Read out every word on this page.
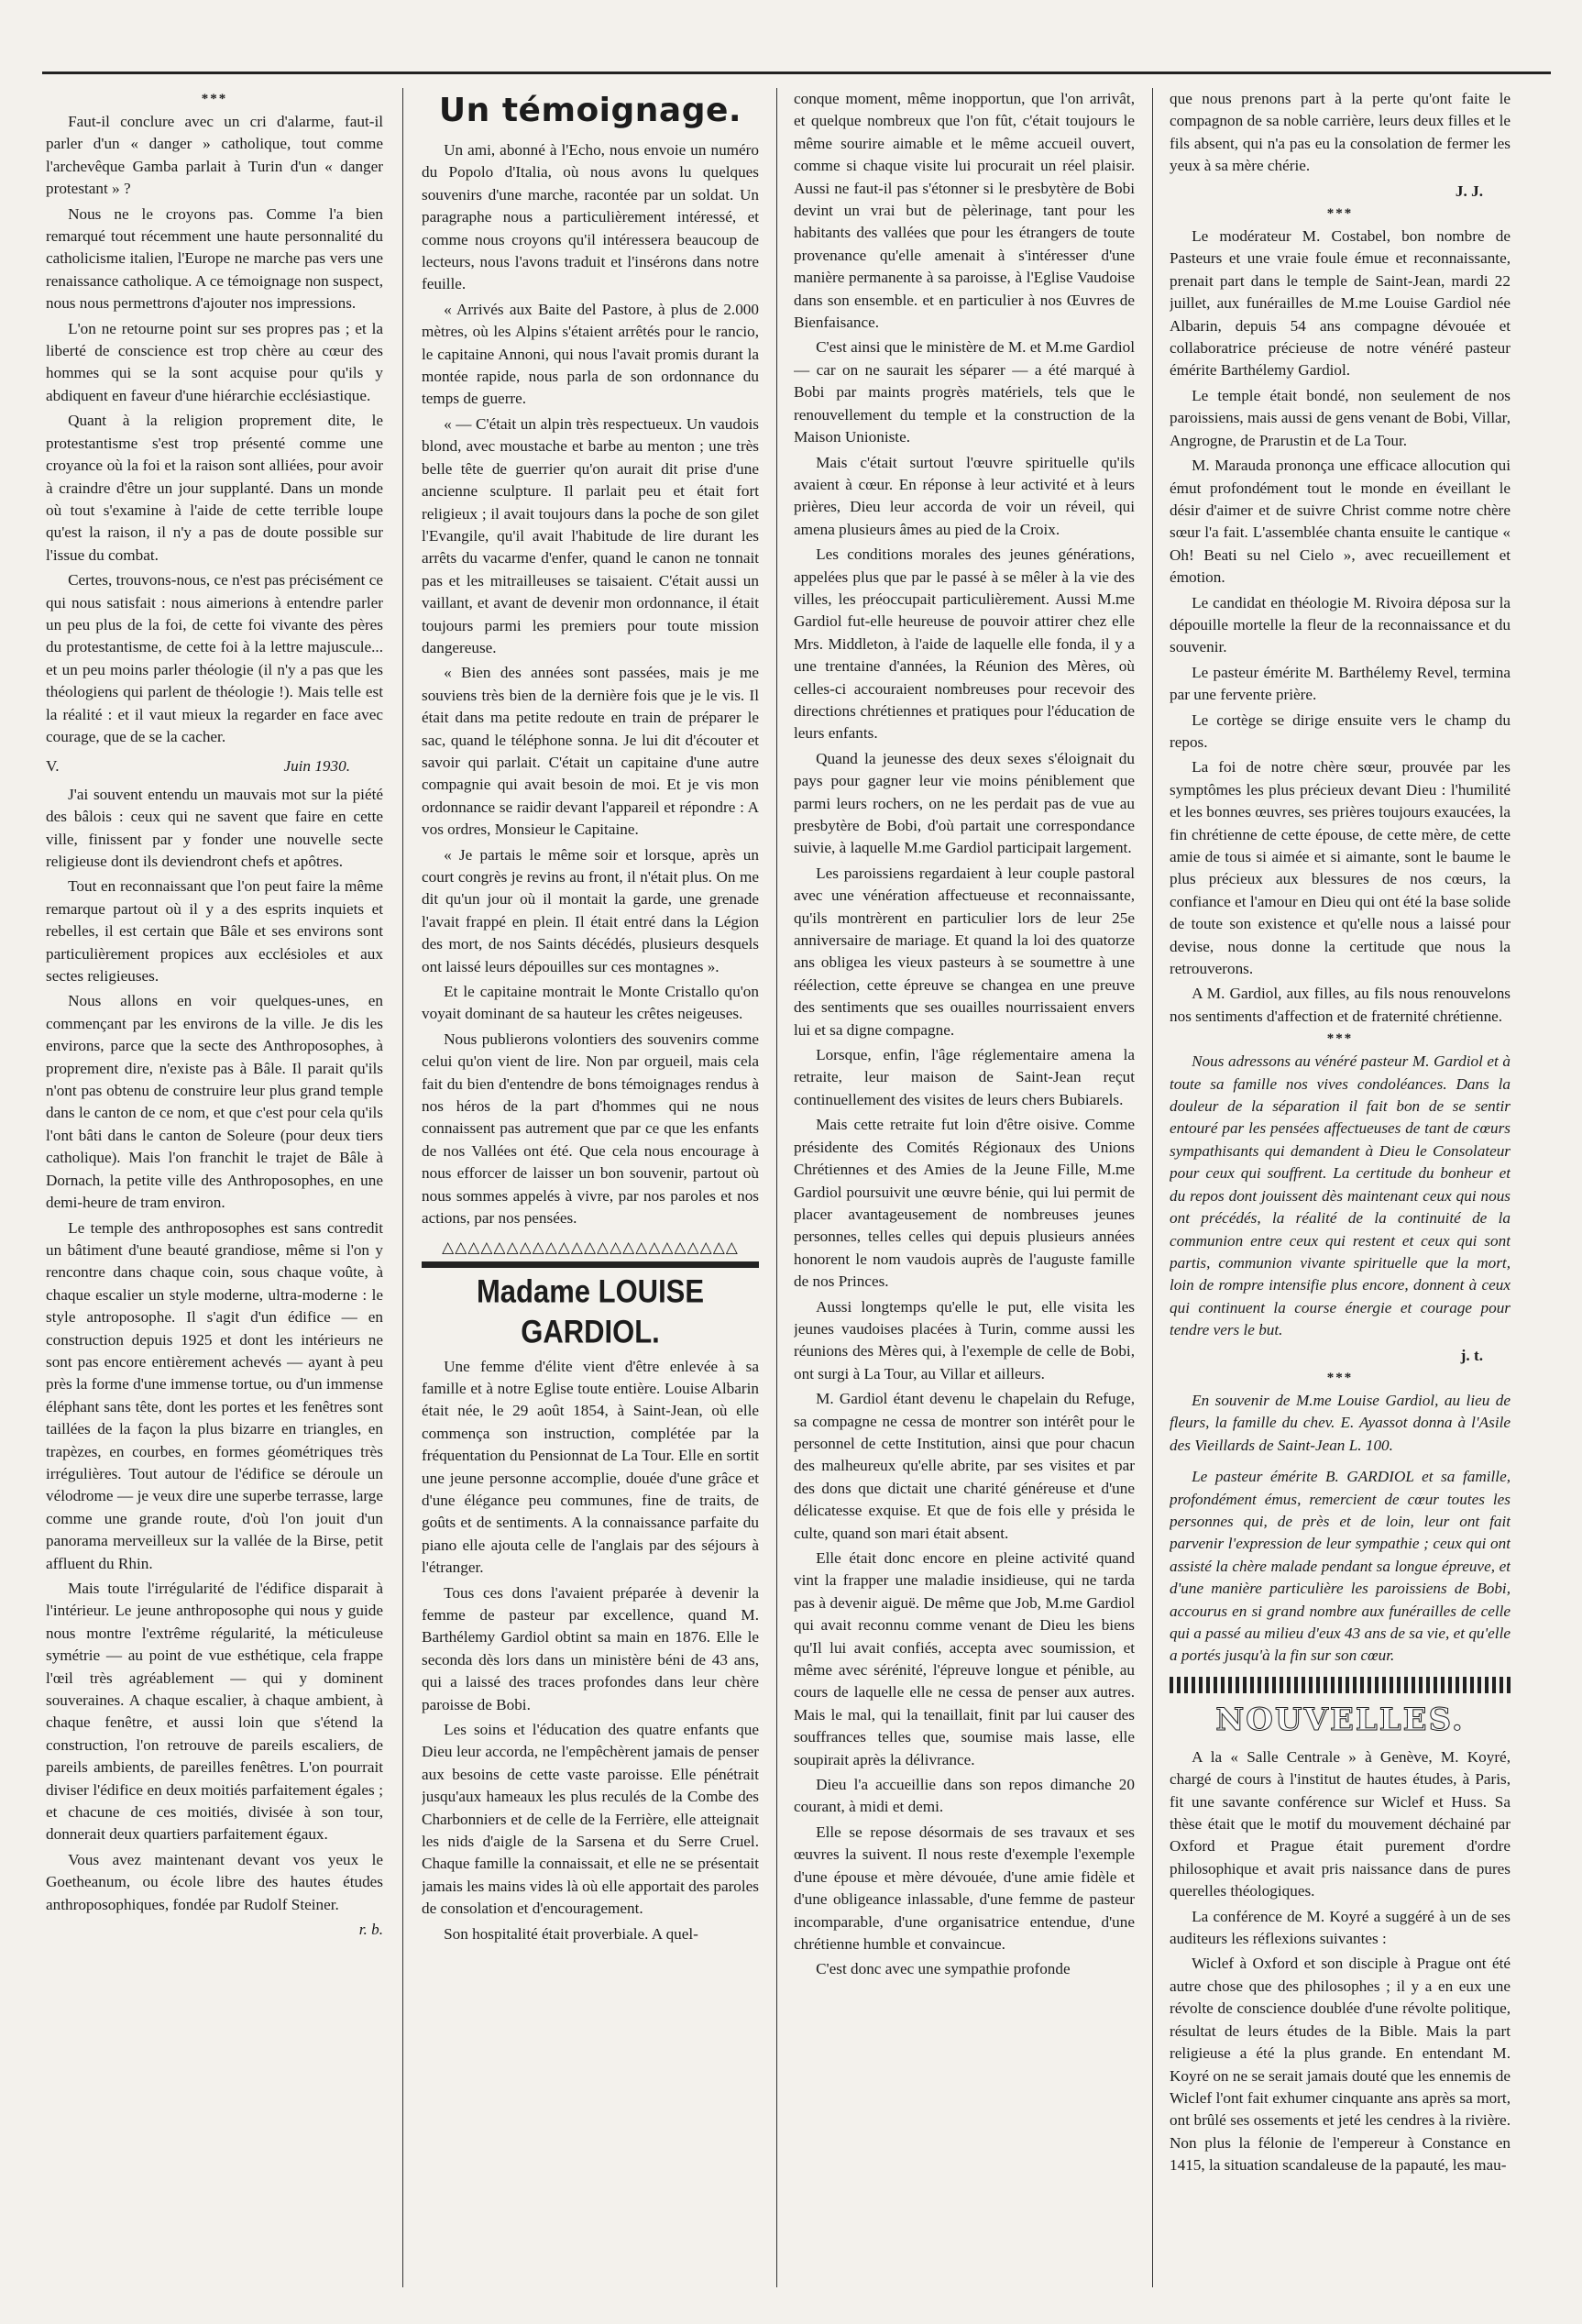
***

Faut-il conclure avec un cri d'alarme, faut-il parler d'un « danger » catholique, tout comme l'archevêque Gamba parlait à Turin d'un « danger protestant » ?

Nous ne le croyons pas. Comme l'a bien remarqué tout récemment une haute personnalité du catholicisme italien, l'Europe ne marche pas vers une renaissance catholique. A ce témoignage non suspect, nous nous permettrons d'ajouter nos impressions.

L'on ne retourne point sur ses propres pas ; et la liberté de conscience est trop chère au cœur des hommes qui se la sont acquise pour qu'ils y abdiquent en faveur d'une hiérarchie ecclésiastique.

Quant à la religion proprement dite, le protestantisme s'est trop présenté comme une croyance où la foi et la raison sont alliées, pour avoir à craindre d'être un jour supplanté. Dans un monde où tout s'examine à l'aide de cette terrible loupe qu'est la raison, il n'y a pas de doute possible sur l'issue du combat.

Certes, trouvons-nous, ce n'est pas précisément ce qui nous satisfait : nous aimerions à entendre parler un peu plus de la foi, de cette foi vivante des pères du protestantisme, de cette foi à la lettre majuscule... et un peu moins parler théologie (il n'y a pas que les théologiens qui parlent de théologie !). Mais telle est la réalité : et il vaut mieux la regarder en face avec courage, que de se la cacher.

V.	Juin 1930.

J'ai souvent entendu un mauvais mot sur la piété des bâlois : ceux qui ne savent que faire en cette ville, finissent par y fonder une nouvelle secte religieuse dont ils deviendront chefs et apôtres.

Tout en reconnaissant que l'on peut faire la même remarque partout où il y a des esprits inquiets et rebelles, il est certain que Bâle et ses environs sont particulièrement propices aux ecclésioles et aux sectes religieuses.

Nous allons en voir quelques-unes, en commençant par les environs de la ville. Je dis les environs, parce que la secte des Anthroposophes, à proprement dire, n'existe pas à Bâle. Il parait qu'ils n'ont pas obtenu de construire leur plus grand temple dans le canton de ce nom, et que c'est pour cela qu'ils l'ont bâti dans le canton de Soleure (pour deux tiers catholique). Mais l'on franchit le trajet de Bâle à Dornach, la petite ville des Anthroposophes, en une demi-heure de tram environ.

Le temple des anthroposophes est sans contredit un bâtiment d'une beauté grandiose, même si l'on y rencontre dans chaque coin, sous chaque voûte, à chaque escalier un style moderne, ultra-moderne : le style antroposophe. Il s'agit d'un édifice — en construction depuis 1925 et dont les intérieurs ne sont pas encore entièrement achevés — ayant à peu près la forme d'une immense tortue, ou d'un immense éléphant sans tête, dont les portes et les fenêtres sont taillées de la façon la plus bizarre en triangles, en trapèzes, en courbes, en formes géométriques très irrégulières. Tout autour de l'édifice se déroule un vélodrome — je veux dire une superbe terrasse, large comme une grande route, d'où l'on jouit d'un panorama merveilleux sur la vallée de la Birse, petit affluent du Rhin.

Mais toute l'irrégularité de l'édifice disparait à l'intérieur. Le jeune anthroposophe qui nous y guide nous montre l'extrême régularité, la méticuleuse symétrie — au point de vue esthétique, cela frappe l'œil très agréablement — qui y dominent souveraines. A chaque escalier, à chaque ambient, à chaque fenêtre, et aussi loin que s'étend la construction, l'on retrouve de pareils escaliers, de pareils ambients, de pareilles fenêtres. L'on pourrait diviser l'édifice en deux moitiés parfaitement égales ; et chacune de ces moitiés, divisée à son tour, donnerait deux quartiers parfaitement égaux.

Vous avez maintenant devant vos yeux le Goetheanum, ou école libre des hautes études anthroposophiques, fondée par Rudolf Steiner.

r. b.

Un témoignage.

Un ami, abonné à l'Echo, nous envoie un numéro du Popolo d'Italia, où nous avons lu quelques souvenirs d'une marche, racontée par un soldat. Un paragraphe nous a particulièrement intéressé, et comme nous croyons qu'il intéressera beaucoup de lecteurs, nous l'avons traduit et l'insérons dans notre feuille.

« Arrivés aux Baite del Pastore, à plus de 2.000 mètres, où les Alpins s'étaient arrêtés pour le rancio, le capitaine Annoni, qui nous l'avait promis durant la montée rapide, nous parla de son ordonnance du temps de guerre.

« — C'était un alpin très respectueux. Un vaudois blond, avec moustache et barbe au menton ; une très belle tête de guerrier qu'on aurait dit prise d'une ancienne sculpture. Il parlait peu et était fort religieux ; il avait toujours dans la poche de son gilet l'Evangile, qu'il avait l'habitude de lire durant les arrêts du vacarme d'enfer, quand le canon ne tonnait pas et les mitrailleuses se taisaient. C'était aussi un vaillant, et avant de devenir mon ordonnance, il était toujours parmi les premiers pour toute mission dangereuse.

« Bien des années sont passées, mais je me souviens très bien de la dernière fois que je le vis. Il était dans ma petite redoute en train de préparer le sac, quand le téléphone sonna. Je lui dit d'écouter et savoir qui parlait. C'était un capitaine d'une autre compagnie qui avait besoin de moi. Et je vis mon ordonnance se raidir devant l'appareil et répondre : A vos ordres, Monsieur le Capitaine.

« Je partais le même soir et lorsque, après un court congrès je revins au front, il n'était plus. On me dit qu'un jour où il montait la garde, une grenade l'avait frappé en plein. Il était entré dans la Légion des mort, de nos Saints décédés, plusieurs desquels ont laissé leurs dépouilles sur ces montagnes ».

Et le capitaine montrait le Monte Cristallo qu'on voyait dominant de sa hauteur les crêtes neigeuses.

Nous publierons volontiers des souvenirs comme celui qu'on vient de lire. Non par orgueil, mais cela fait du bien d'entendre de bons témoignages rendus à nos héros de la part d'hommes qui ne nous connaissent pas autrement que par ce que les enfants de nos Vallées ont été. Que cela nous encourage à nous efforcer de laisser un bon souvenir, partout où nous sommes appelés à vivre, par nos paroles et nos actions, par nos pensées.

△△△△△△△△△△△△△△△△△△△△△△△
Madame LOUISE GARDIOL.

Une femme d'élite vient d'être enlevée à sa famille et à notre Eglise toute entière. Louise Albarin était née, le 29 août 1854, à Saint-Jean, où elle commença son instruction, complétée par la fréquentation du Pensionnat de La Tour. Elle en sortit une jeune personne accomplie, douée d'une grâce et d'une élégance peu communes, fine de traits, de goûts et de sentiments. A la connaissance parfaite du piano elle ajouta celle de l'anglais par des séjours à l'étranger.

Tous ces dons l'avaient préparée à devenir la femme de pasteur par excellence, quand M. Barthélemy Gardiol obtint sa main en 1876. Elle le seconda dès lors dans un ministère béni de 43 ans, qui a laissé des traces profondes dans leur chère paroisse de Bobi.

Les soins et l'éducation des quatre enfants que Dieu leur accorda, ne l'empêchèrent jamais de penser aux besoins de cette vaste paroisse. Elle pénétrait jusqu'aux hameaux les plus reculés de la Combe des Charbonniers et de celle de la Ferrière, elle atteignait les nids d'aigle de la Sarsena et du Serre Cruel. Chaque famille la connaissait, et elle ne se présentait jamais les mains vides là où elle apportait des paroles de consolation et d'encouragement.

Son hospitalité était proverbiale. A quel-

conque moment, même inopportun, que l'on arrivât, et quelque nombreux que l'on fût, c'était toujours le même sourire aimable et le même accueil ouvert, comme si chaque visite lui procurait un réel plaisir. Aussi ne faut-il pas s'étonner si le presbytère de Bobi devint un vrai but de pèlerinage, tant pour les habitants des vallées que pour les étrangers de toute provenance qu'elle amenait à s'intéresser d'une manière permanente à sa paroisse, à l'Eglise Vaudoise dans son ensemble. et en particulier à nos Œuvres de Bienfaisance.

C'est ainsi que le ministère de M. et M.me Gardiol — car on ne saurait les séparer — a été marqué à Bobi par maints progrès matériels, tels que le renouvellement du temple et la construction de la Maison Unioniste.

Mais c'était surtout l'œuvre spirituelle qu'ils avaient à cœur. En réponse à leur activité et à leurs prières, Dieu leur accorda de voir un réveil, qui amena plusieurs âmes au pied de la Croix.

Les conditions morales des jeunes générations, appelées plus que par le passé à se mêler à la vie des villes, les préoccupait particulièrement. Aussi M.me Gardiol fut-elle heureuse de pouvoir attirer chez elle Mrs. Middleton, à l'aide de laquelle elle fonda, il y a une trentaine d'années, la Réunion des Mères, où celles-ci accouraient nombreuses pour recevoir des directions chrétiennes et pratiques pour l'éducation de leurs enfants.

Quand la jeunesse des deux sexes s'éloignait du pays pour gagner leur vie moins péniblement que parmi leurs rochers, on ne les perdait pas de vue au presbytère de Bobi, d'où partait une correspondance suivie, à laquelle M.me Gardiol participait largement.

Les paroissiens regardaient à leur couple pastoral avec une vénération affectueuse et reconnaissante, qu'ils montrèrent en particulier lors de leur 25e anniversaire de mariage. Et quand la loi des quatorze ans obligea les vieux pasteurs à se soumettre à une réélection, cette épreuve se changea en une preuve des sentiments que ses ouailles nourrissaient envers lui et sa digne compagne.

Lorsque, enfin, l'âge réglementaire amena la retraite, leur maison de Saint-Jean reçut continuellement des visites de leurs chers Bubiarels.

Mais cette retraite fut loin d'être oisive. Comme présidente des Comités Régionaux des Unions Chrétiennes et des Amies de la Jeune Fille, M.me Gardiol poursuivit une œuvre bénie, qui lui permit de placer avantageusement de nombreuses jeunes personnes, telles celles qui depuis plusieurs années honorent le nom vaudois auprès de l'auguste famille de nos Princes.

Aussi longtemps qu'elle le put, elle visita les jeunes vaudoises placées à Turin, comme aussi les réunions des Mères qui, à l'exemple de celle de Bobi, ont surgi à La Tour, au Villar et ailleurs.

M. Gardiol étant devenu le chapelain du Refuge, sa compagne ne cessa de montrer son intérêt pour le personnel de cette Institution, ainsi que pour chacun des malheureux qu'elle abrite, par ses visites et par des dons que dictait une charité généreuse et d'une délicatesse exquise. Et que de fois elle y présida le culte, quand son mari était absent.

Elle était donc encore en pleine activité quand vint la frapper une maladie insidieuse, qui ne tarda pas à devenir aiguë. De même que Job, M.me Gardiol qui avait reconnu comme venant de Dieu les biens qu'Il lui avait confiés, accepta avec soumission, et même avec sérénité, l'épreuve longue et pénible, au cours de laquelle elle ne cessa de penser aux autres. Mais le mal, qui la tenaillait, finit par lui causer des souffrances telles que, soumise mais lasse, elle soupirait après la délivrance.

Dieu l'a accueillie dans son repos dimanche 20 courant, à midi et demi.

Elle se repose désormais de ses travaux et ses œuvres la suivent. Il nous reste d'exemple l'exemple d'une épouse et mère dévouée, d'une amie fidèle et d'une obligeance inlassable, d'une femme de pasteur incomparable, d'une organisatrice entendue, d'une chrétienne humble et convaincue.

C'est donc avec une sympathie profonde

que nous prenons part à la perte qu'ont faite le compagnon de sa noble carrière, leurs deux filles et le fils absent, qui n'a pas eu la consolation de fermer les yeux à sa mère chérie.

J. J.

***

Le modérateur M. Costabel, bon nombre de Pasteurs et une vraie foule émue et reconnaissante, prenait part dans le temple de Saint-Jean, mardi 22 juillet, aux funérailles de M.me Louise Gardiol née Albarin, depuis 54 ans compagne dévouée et collaboratrice précieuse de notre vénéré pasteur émérite Barthélemy Gardiol.

Le temple était bondé, non seulement de nos paroissiens, mais aussi de gens venant de Bobi, Villar, Angrogne, de Prarustin et de La Tour.

M. Marauda prononça une efficace allocution qui émut profondément tout le monde en éveillant le désir d'aimer et de suivre Christ comme notre chère sœur l'a fait. L'assemblée chanta ensuite le cantique « Oh! Beati su nel Cielo », avec recueillement et émotion.

Le candidat en théologie M. Rivoira déposa sur la dépouille mortelle la fleur de la reconnaissance et du souvenir.

Le pasteur émérite M. Barthélemy Revel, termina par une fervente prière.

Le cortège se dirige ensuite vers le champ du repos.

La foi de notre chère sœur, prouvée par les symptômes les plus précieux devant Dieu : l'humilité et les bonnes œuvres, ses prières toujours exaucées, la fin chrétienne de cette épouse, de cette mère, de cette amie de tous si aimée et si aimante, sont le baume le plus précieux aux blessures de nos cœurs, la confiance et l'amour en Dieu qui ont été la base solide de toute son existence et qu'elle nous a laissé pour devise, nous donne la certitude que nous la retrouverons.

A M. Gardiol, aux filles, au fils nous renouvelons nos sentiments d'affection et de fraternité chrétienne.

***

Nous adressons au vénéré pasteur M. Gardiol et à toute sa famille nos vives condoléances. Dans la douleur de la séparation il fait bon de se sentir entouré par les pensées affectueuses de tant de cœurs sympathisants qui demandent à Dieu le Consolateur pour ceux qui souffrent. La certitude du bonheur et du repos dont jouissent dès maintenant ceux qui nous ont précédés, la réalité de la continuité de la communion entre ceux qui restent et ceux qui sont partis, communion vivante spirituelle que la mort, loin de rompre intensifie plus encore, donnent à ceux qui continuent la course énergie et courage pour tendre vers le but.

j. t.

***

En souvenir de M.me Louise Gardiol, au lieu de fleurs, la famille du chev. E. Ayassot donna à l'Asile des Vieillards de Saint-Jean L. 100.

Le pasteur émérite B. GARDIOL et sa famille, profondément émus, remercient de cœur toutes les personnes qui, de près et de loin, leur ont fait parvenir l'expression de leur sympathie ; ceux qui ont assisté la chère malade pendant sa longue épreuve, et d'une manière particulière les paroissiens de Bobi, accourus en si grand nombre aux funérailles de celle qui a passé au milieu d'eux 43 ans de sa vie, et qu'elle a portés jusqu'à la fin sur son cœur.

NOUVELLES.

A la « Salle Centrale » à Genève, M. Koyré, chargé de cours à l'institut de hautes études, à Paris, fit une savante conférence sur Wiclef et Huss. Sa thèse était que le motif du mouvement déchainé par Oxford et Prague était purement d'ordre philosophique et avait pris naissance dans de pures querelles théologiques.

La conférence de M. Koyré a suggéré à un de ses auditeurs les réflexions suivantes :

Wiclef à Oxford et son disciple à Prague ont été autre chose que des philosophes ; il y a en eux une révolte de conscience doublée d'une révolte politique, résultat de leurs études de la Bible. Mais la part religieuse a été la plus grande. En entendant M. Koyré on ne se serait jamais douté que les ennemis de Wiclef l'ont fait exhumer cinquante ans après sa mort, ont brûlé ses ossements et jeté les cendres à la rivière. Non plus la félonie de l'empereur à Constance en 1415, la situation scandaleuse de la papauté, les mau-
